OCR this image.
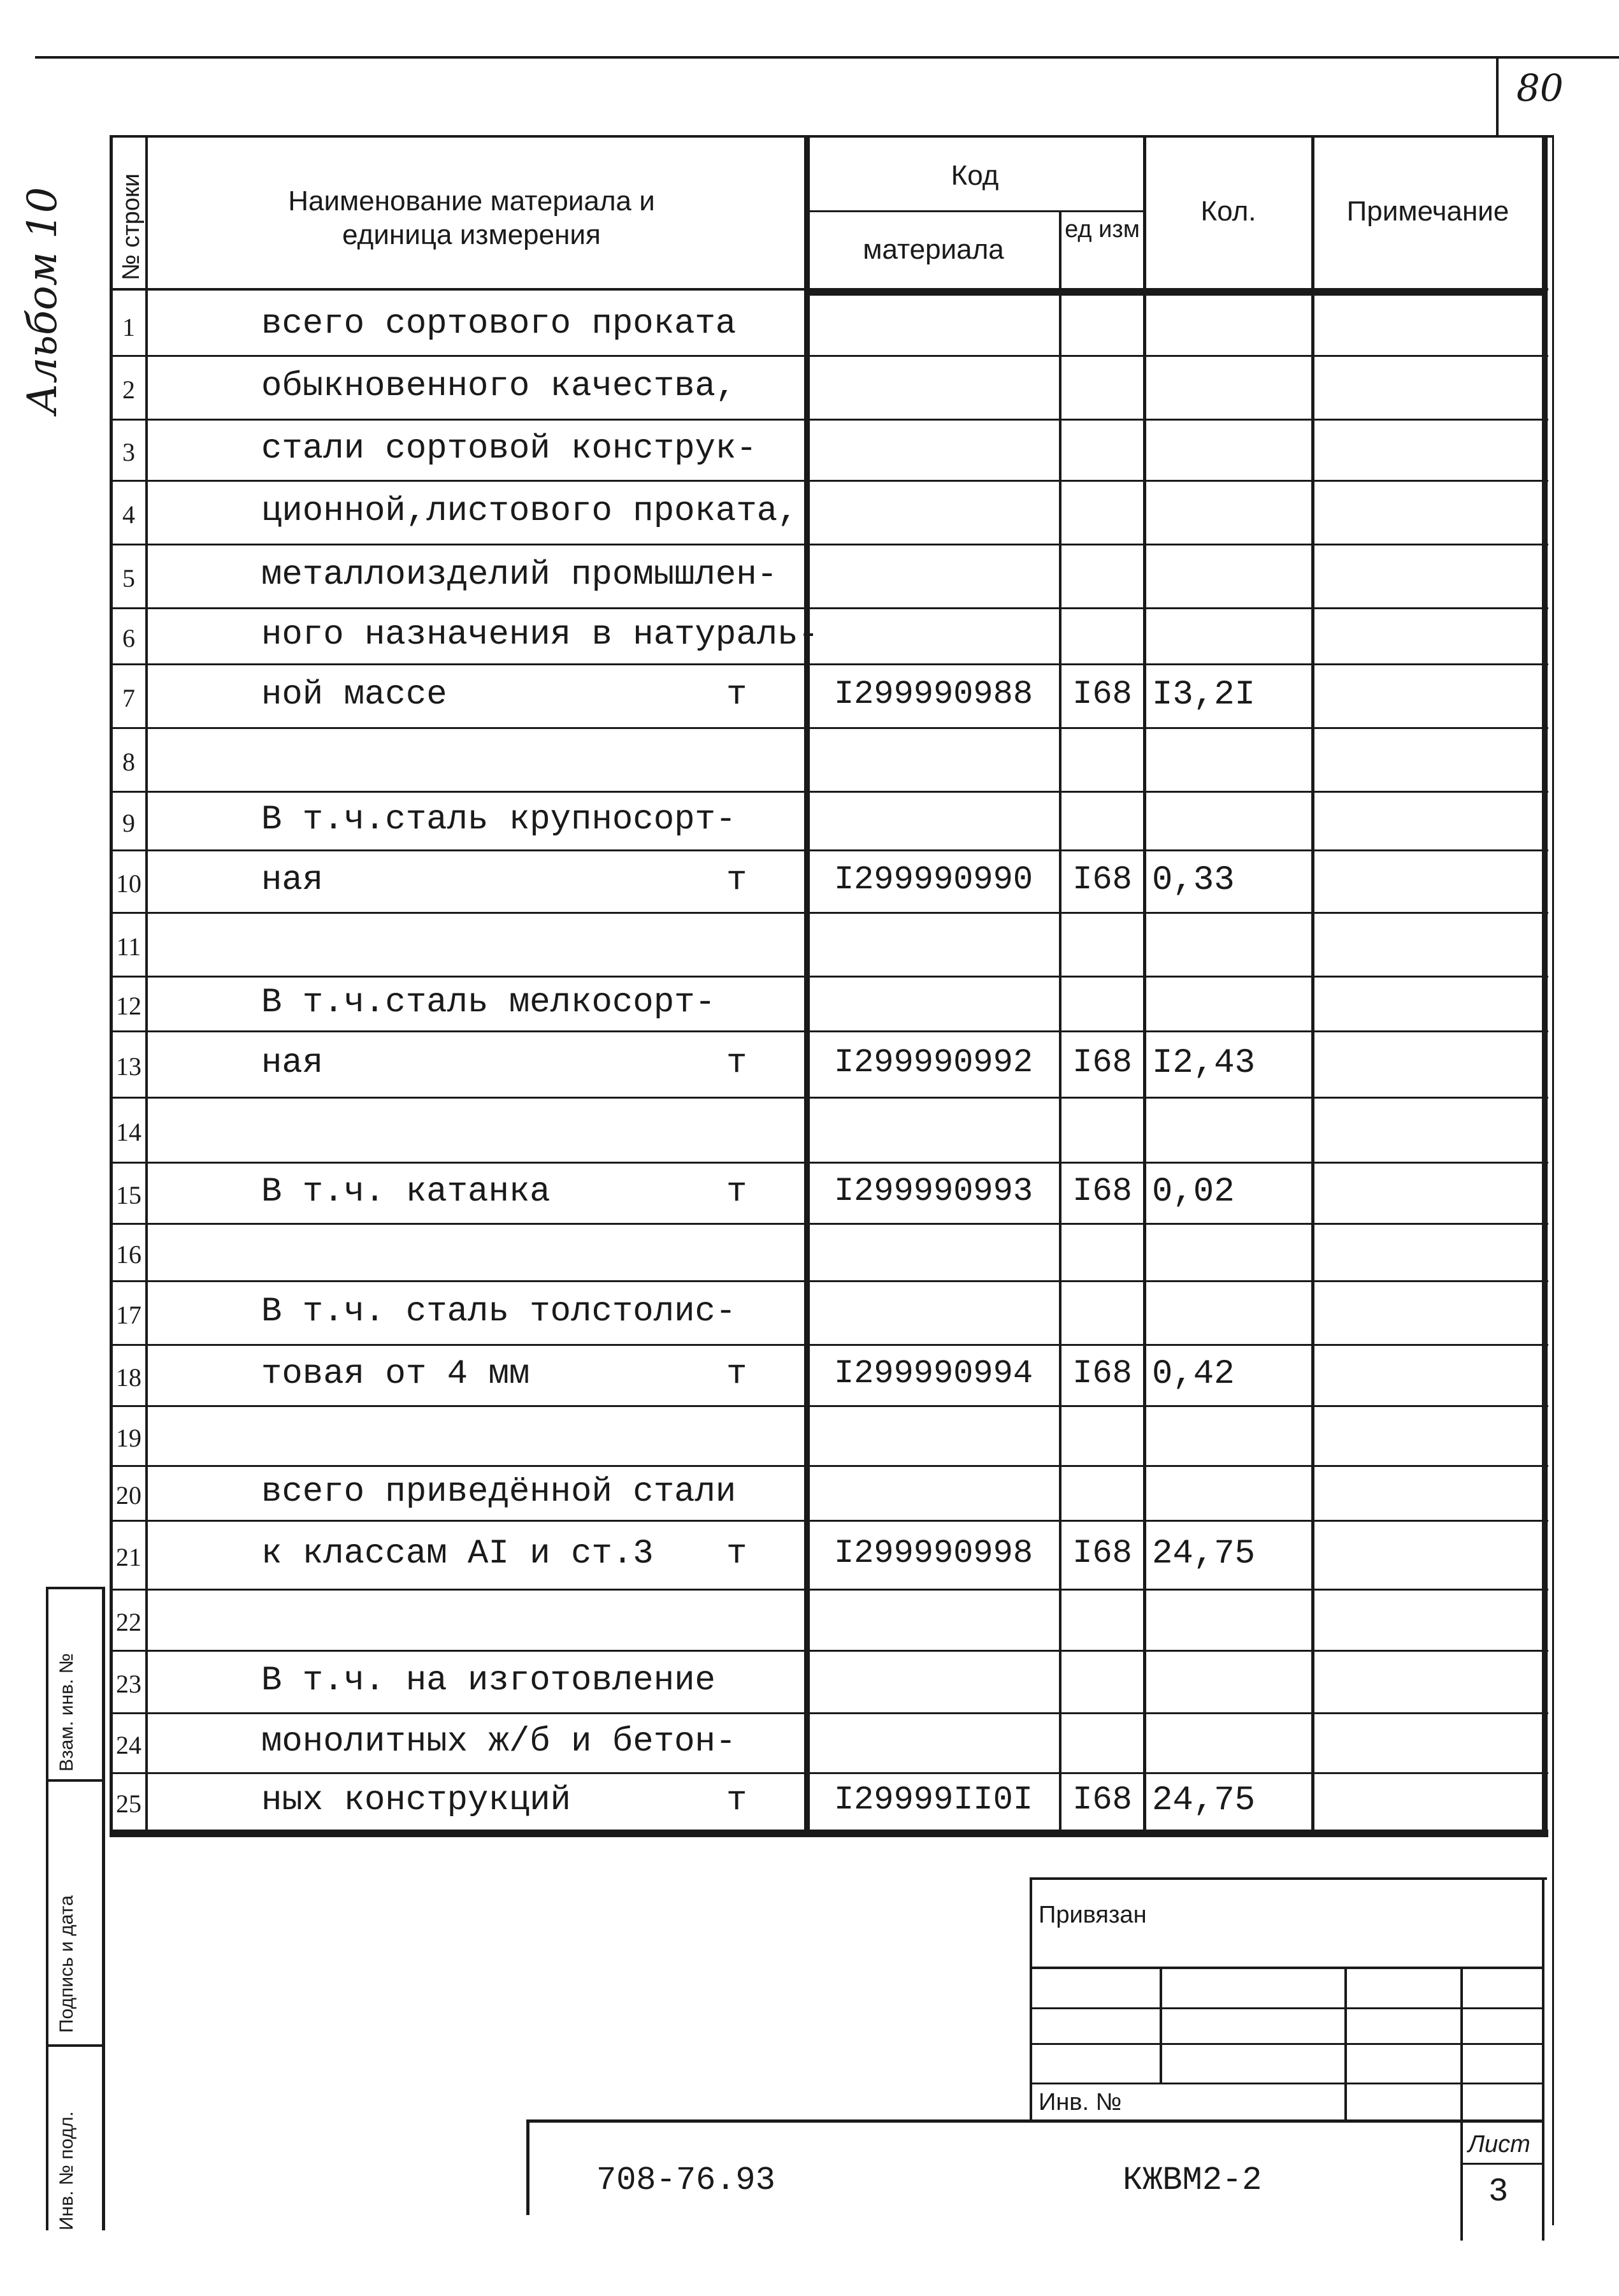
80
Альбом 10
Взам. инв. №
Подпись и дата
Инв. № подл.
№ строки	Наименование материала и единица измерения
Код
материала
ед изм
Кол.	Примечание
1	всего сортового проката
2	обыкновенного качества,
3	стали сортовой конструк-
4	ционной,листового проката,
5	металлоизделий промышлен-
6	ного назначения в натураль-
7	ной массе	т	I299990988	I68 I3,2I
8
9	В т.ч.сталь крупносорт-
10	ная	т	I299990990	I68 0,33
11
12	В т.ч.сталь мелкосорт-
13	ная	т	I299990992	I68 I2,43
14
15	В т.ч. катанка	т	I299990993	I68 0,02
16
17	В т.ч. сталь толстолис-
18	товая от 4 мм	т	I299990994	I68 0,42
19
20	всего приведённой стали
21	к классам AI и ст.3 т	I299990998	I68 24,75
22
23	В т.ч. на изготовление
24	монолитных ж/б и бетон-
25	ных конструкций	т	I29999II0I	I68 24,75
Привязан
Инв. №
708-76.93	КЖВМ2-2
Лист
3
